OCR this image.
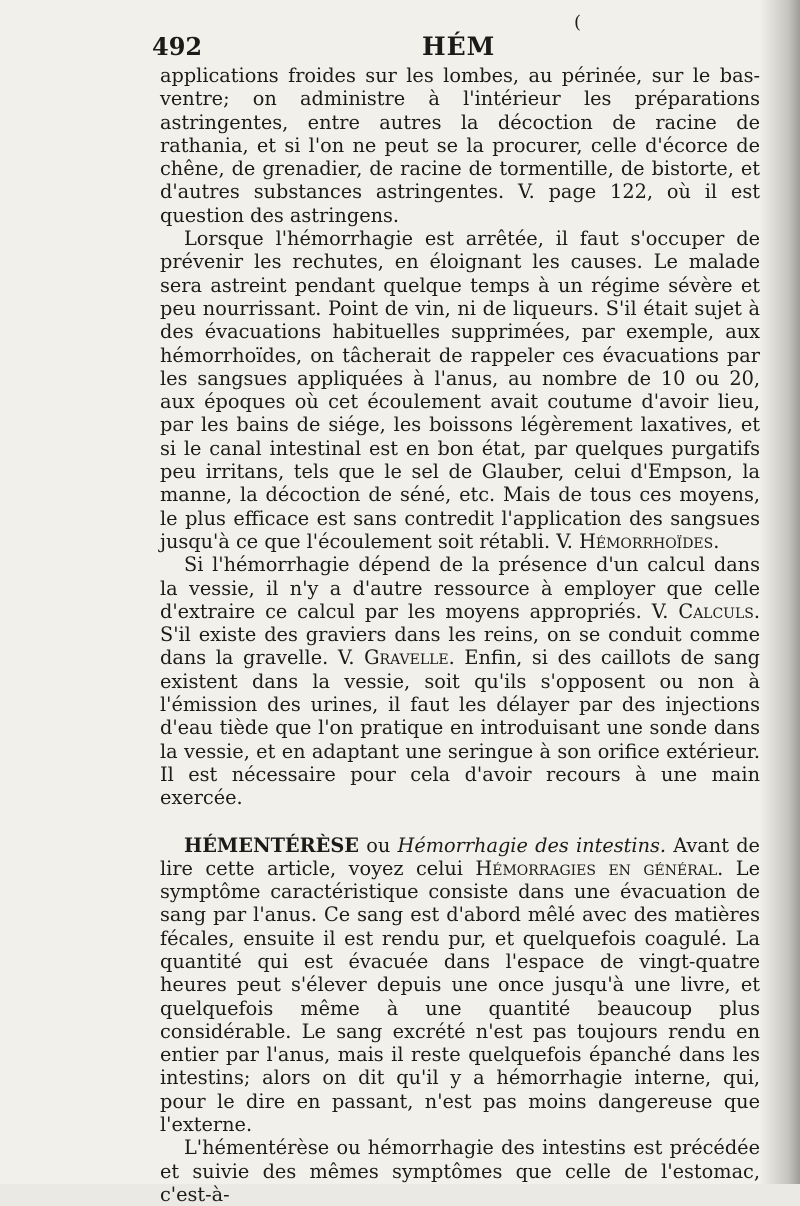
(
492	HÉM

applications froides sur les lombes, au périnée, sur le bas-ventre; on administre à l'intérieur les préparations astringentes, entre autres la décoction de racine de rathania, et si l'on ne peut se la procurer, celle d'écorce de chêne, de grenadier, de racine de tormentille, de bistorte, et d'autres substances astringentes. V. page 122, où il est question des astringens.

Lorsque l'hémorrhagie est arrêtée, il faut s'occuper de prévenir les rechutes, en éloignant les causes. Le malade sera astreint pendant quelque temps à un régime sévère et peu nourrissant. Point de vin, ni de liqueurs. S'il était sujet à des évacuations habituelles supprimées, par exemple, aux hémorrhoïdes, on tâcherait de rappeler ces évacuations par les sangsues appliquées à l'anus, au nombre de 10 ou 20, aux époques où cet écoulement avait coutume d'avoir lieu, par les bains de siége, les boissons légèrement laxatives, et si le canal intestinal est en bon état, par quelques purgatifs peu irritans, tels que le sel de Glauber, celui d'Empson, la manne, la décoction de séné, etc. Mais de tous ces moyens, le plus efficace est sans contredit l'application des sangsues jusqu'à ce que l'écoulement soit rétabli. V. Hémorrhoïdes.

Si l'hémorrhagie dépend de la présence d'un calcul dans la vessie, il n'y a d'autre ressource à employer que celle d'extraire ce calcul par les moyens appropriés. V. Calculs. S'il existe des graviers dans les reins, on se conduit comme dans la gravelle. V. Gravelle. Enfin, si des caillots de sang existent dans la vessie, soit qu'ils s'opposent ou non à l'émission des urines, il faut les délayer par des injections d'eau tiède que l'on pratique en introduisant une sonde dans la vessie, et en adaptant une seringue à son orifice extérieur. Il est nécessaire pour cela d'avoir recours à une main exercée.

HÉMENTÉRÈSE ou Hémorrhagie des intestins. Avant de lire cette article, voyez celui Hémorragies en général. Le symptôme caractéristique consiste dans une évacuation de sang par l'anus. Ce sang est d'abord mêlé avec des matières fécales, ensuite il est rendu pur, et quelquefois coagulé. La quantité qui est évacuée dans l'espace de vingt-quatre heures peut s'élever depuis une once jusqu'à une livre, et quelquefois même à une quantité beaucoup plus considérable. Le sang excrété n'est pas toujours rendu en entier par l'anus, mais il reste quelquefois épanché dans les intestins; alors on dit qu'il y a hémorrhagie interne, qui, pour le dire en passant, n'est pas moins dangereuse que l'externe.

L'hémentérèse ou hémorrhagie des intestins est précédée et suivie des mêmes symptômes que celle de l'estomac, c'est-à-
